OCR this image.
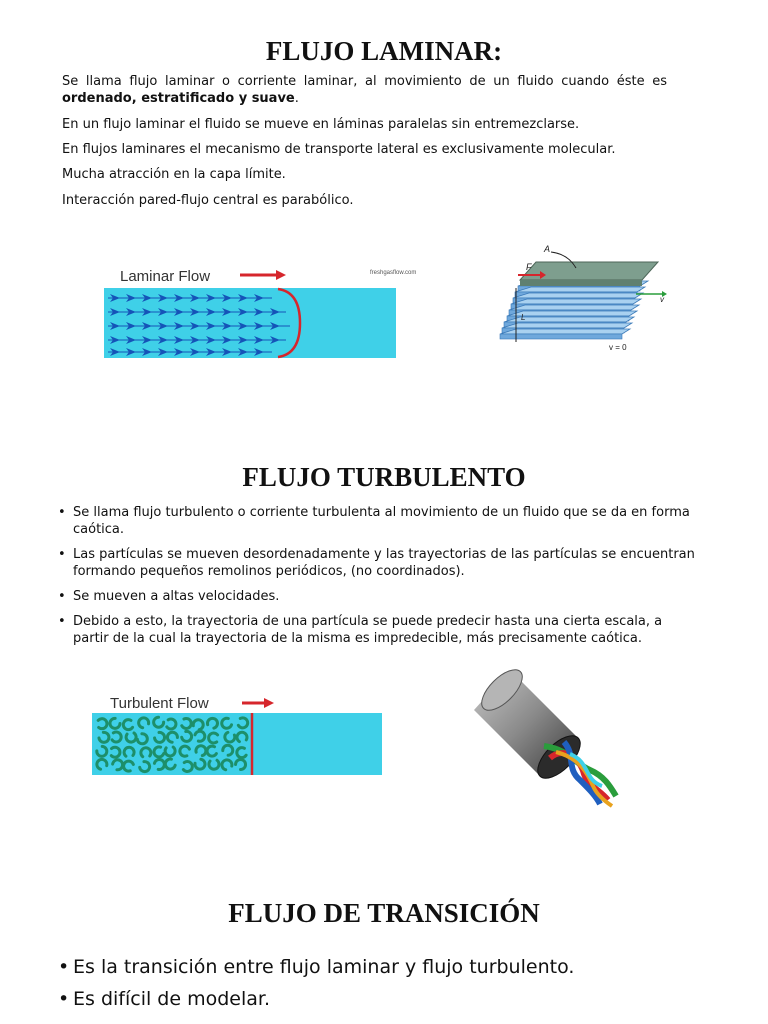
FLUJO LAMINAR:
Se llama flujo laminar o corriente laminar, al movimiento de un fluido cuando éste es
ordenado, estratificado y suave.
En un flujo laminar el fluido se mueve en láminas paralelas sin entremezclarse.
En flujos laminares el mecanismo de transporte lateral es exclusivamente molecular.
Mucha atracción en la capa límite.
Interacción pared-flujo central es parabólico.
Laminar Flow	freshgasflow.com
A
F
v
L
v = 0
FLUJO TURBULENTO
• Se llama flujo turbulento o corriente turbulenta al movimiento de un fluido que se da en forma caótica.
• Las partículas se mueven desordenadamente y las trayectorias de las partículas se encuentran formando pequeños remolinos periódicos, (no coordinados).
• Se mueven a altas velocidades.
• Debido a esto, la trayectoria de una partícula se puede predecir hasta una cierta escala, a partir de la cual la trayectoria de la misma es impredecible, más precisamente caótica.
Turbulent Flow
FLUJO DE TRANSICIÓN
• Es la transición entre flujo laminar y flujo turbulento.
• Es difícil de modelar.
